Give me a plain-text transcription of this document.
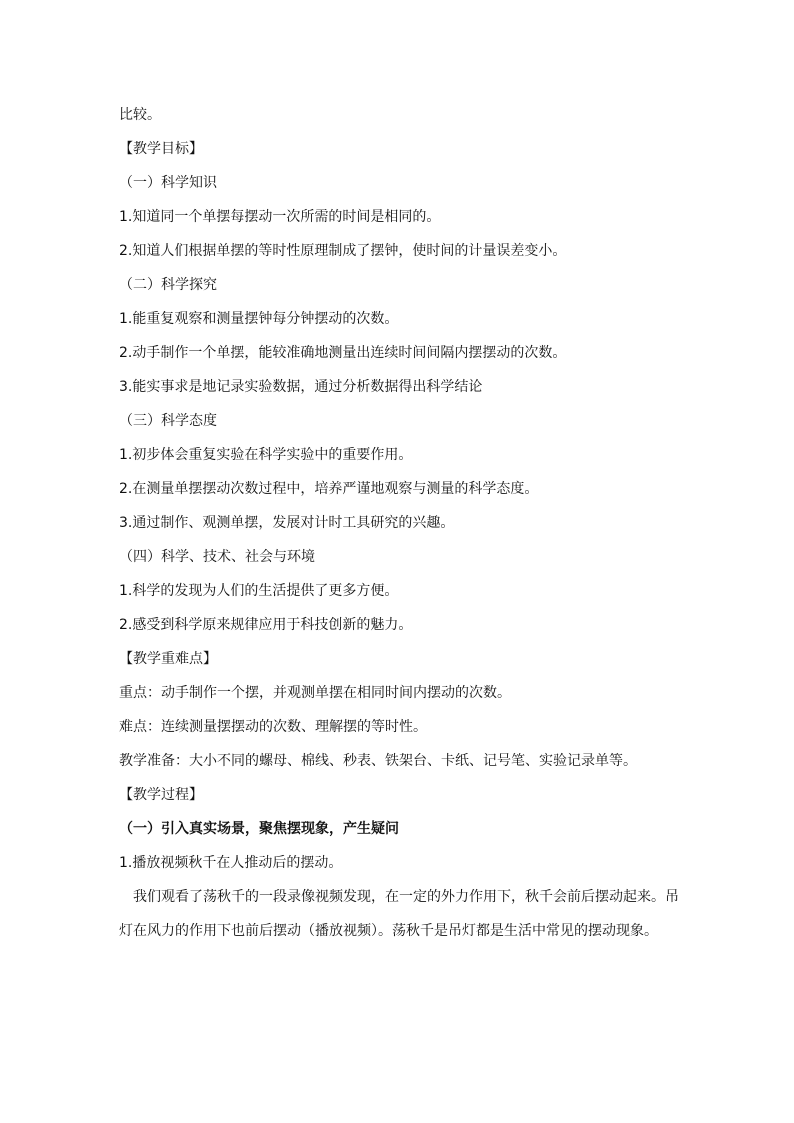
比较。
【教学目标】
（一）科学知识
1.知道同一个单摆每摆动一次所需的时间是相同的。
2.知道人们根据单摆的等时性原理制成了摆钟，使时间的计量误差变小。
（二）科学探究
1.能重复观察和测量摆钟每分钟摆动的次数。
2.动手制作一个单摆，能较准确地测量出连续时间间隔内摆摆动的次数。
3.能实事求是地记录实验数据，通过分析数据得出科学结论
（三）科学态度
1.初步体会重复实验在科学实验中的重要作用。
2.在测量单摆摆动次数过程中，培养严谨地观察与测量的科学态度。
3.通过制作、观测单摆，发展对计时工具研究的兴趣。
（四）科学、技术、社会与环境
1.科学的发现为人们的生活提供了更多方便。
2.感受到科学原来规律应用于科技创新的魅力。
【教学重难点】
重点：动手制作一个摆，并观测单摆在相同时间内摆动的次数。
难点：连续测量摆摆动的次数、理解摆的等时性。
教学准备：大小不同的螺母、棉线、秒表、铁架台、卡纸、记号笔、实验记录单等。
【教学过程】
（一）引入真实场景，聚焦摆现象，产生疑问
1.播放视频秋千在人推动后的摆动。
我们观看了荡秋千的一段录像视频发现，在一定的外力作用下，秋千会前后摆动起来。吊灯在风力的作用下也前后摆动（播放视频）。荡秋千是吊灯都是生活中常见的摆动现象。
